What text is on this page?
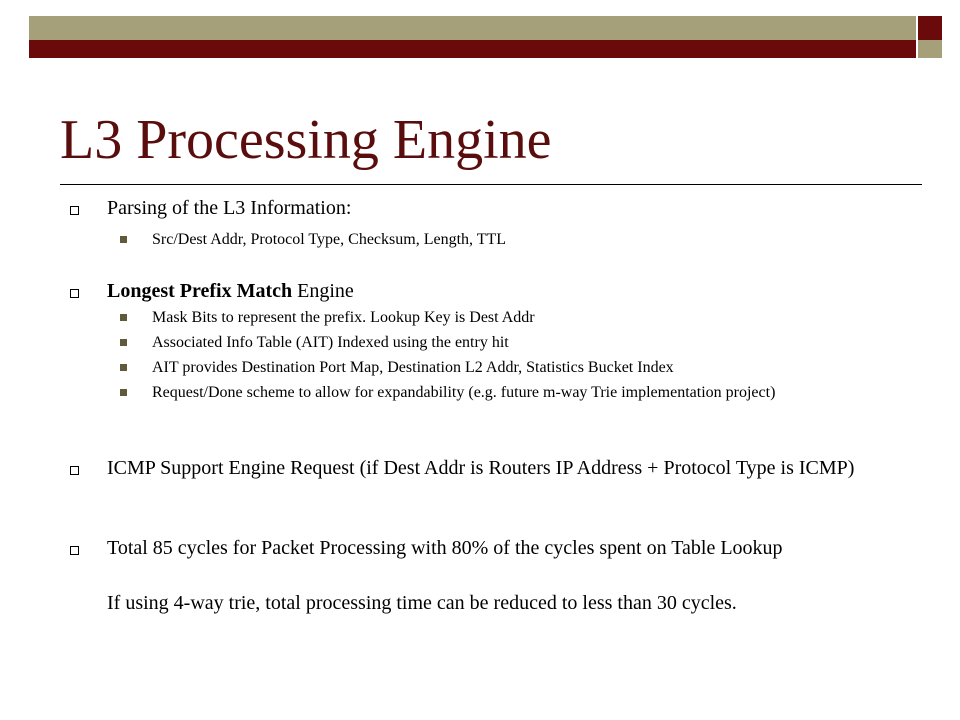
L3 Processing Engine
Parsing of the L3 Information:
Src/Dest Addr, Protocol Type, Checksum, Length, TTL
Longest Prefix Match Engine
Mask Bits to represent the prefix. Lookup Key is Dest Addr
Associated Info Table (AIT) Indexed using the entry hit
AIT provides Destination Port Map, Destination L2 Addr, Statistics Bucket Index
Request/Done scheme to allow for expandability (e.g. future m-way Trie implementation project)
ICMP Support Engine Request (if Dest Addr is Routers IP Address + Protocol Type is ICMP)
Total 85 cycles for Packet Processing with 80% of the cycles spent on Table Lookup
If using 4-way trie, total processing time can be reduced to less than 30 cycles.
